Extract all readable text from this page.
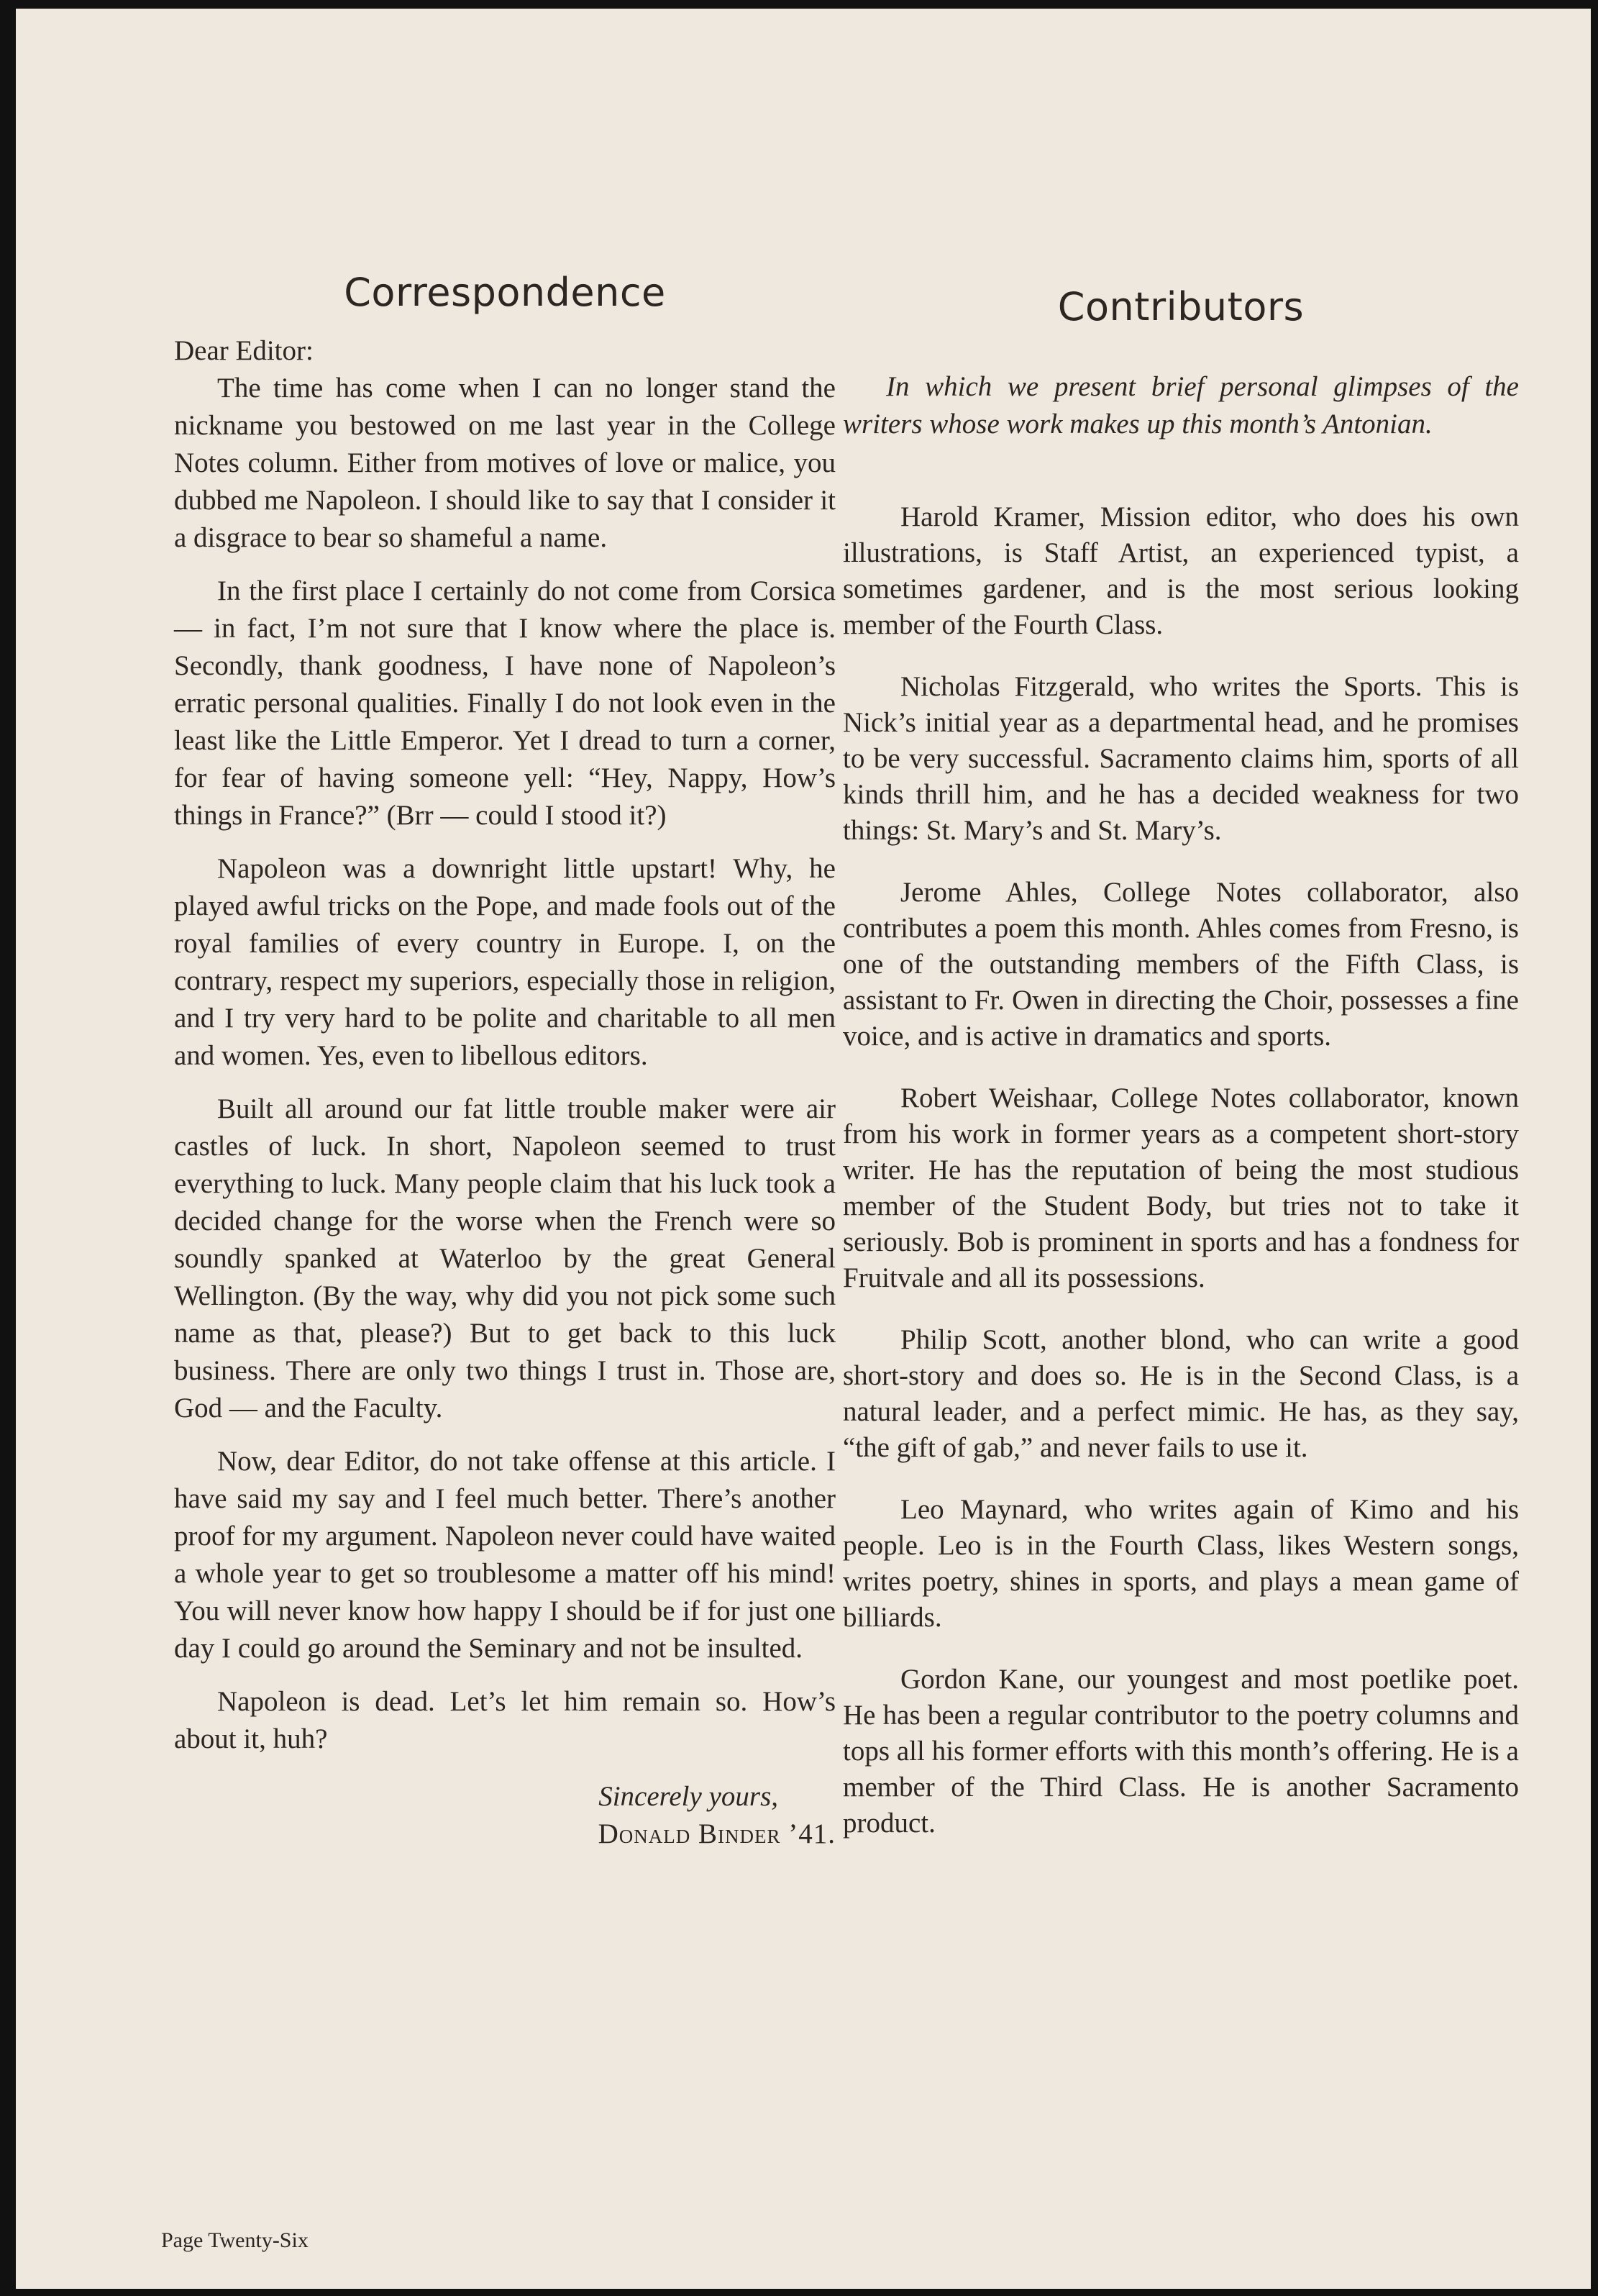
Correspondence

Dear Editor:

The time has come when I can no longer stand the nickname you bestowed on me last year in the College Notes column. Either from motives of love or malice, you dubbed me Napoleon. I should like to say that I consider it a disgrace to bear so shameful a name.

In the first place I certainly do not come from Corsica — in fact, I’m not sure that I know where the place is. Secondly, thank goodness, I have none of Napoleon’s erratic personal qualities. Finally I do not look even in the least like the Little Emperor. Yet I dread to turn a corner, for fear of having someone yell: “Hey, Nappy, How’s things in France?” (Brr — could I stood it?)

Napoleon was a downright little upstart! Why, he played awful tricks on the Pope, and made fools out of the royal families of every country in Europe. I, on the contrary, respect my superiors, especially those in religion, and I try very hard to be polite and charitable to all men and women. Yes, even to libellous editors.

Built all around our fat little trouble maker were air castles of luck. In short, Napoleon seemed to trust everything to luck. Many people claim that his luck took a decided change for the worse when the French were so soundly spanked at Waterloo by the great General Wellington. (By the way, why did you not pick some such name as that, please?) But to get back to this luck business. There are only two things I trust in. Those are, God — and the Faculty.

Now, dear Editor, do not take offense at this article. I have said my say and I feel much better. There’s another proof for my argument. Napoleon never could have waited a whole year to get so troublesome a matter off his mind! You will never know how happy I should be if for just one day I could go around the Seminary and not be insulted.

Napoleon is dead. Let’s let him remain so. How’s about it, huh?

Sincerely yours,
Donald Binder ’41.
Contributors

In which we present brief personal glimpses of the writers whose work makes up this month’s Antonian.

Harold Kramer, Mission editor, who does his own illustrations, is Staff Artist, an experienced typist, a sometimes gardener, and is the most serious looking member of the Fourth Class.

Nicholas Fitzgerald, who writes the Sports. This is Nick’s initial year as a departmental head, and he promises to be very successful. Sacramento claims him, sports of all kinds thrill him, and he has a decided weakness for two things: St. Mary’s and St. Mary’s.

Jerome Ahles, College Notes collaborator, also contributes a poem this month. Ahles comes from Fresno, is one of the outstanding members of the Fifth Class, is assistant to Fr. Owen in directing the Choir, possesses a fine voice, and is active in dramatics and sports.

Robert Weishaar, College Notes collaborator, known from his work in former years as a competent short-story writer. He has the reputation of being the most studious member of the Student Body, but tries not to take it seriously. Bob is prominent in sports and has a fondness for Fruitvale and all its possessions.

Philip Scott, another blond, who can write a good short-story and does so. He is in the Second Class, is a natural leader, and a perfect mimic. He has, as they say, “the gift of gab,” and never fails to use it.

Leo Maynard, who writes again of Kimo and his people. Leo is in the Fourth Class, likes Western songs, writes poetry, shines in sports, and plays a mean game of billiards.

Gordon Kane, our youngest and most poetlike poet. He has been a regular contributor to the poetry columns and tops all his former efforts with this month’s offering. He is a member of the Third Class. He is another Sacramento product.

Page Twenty-Six
